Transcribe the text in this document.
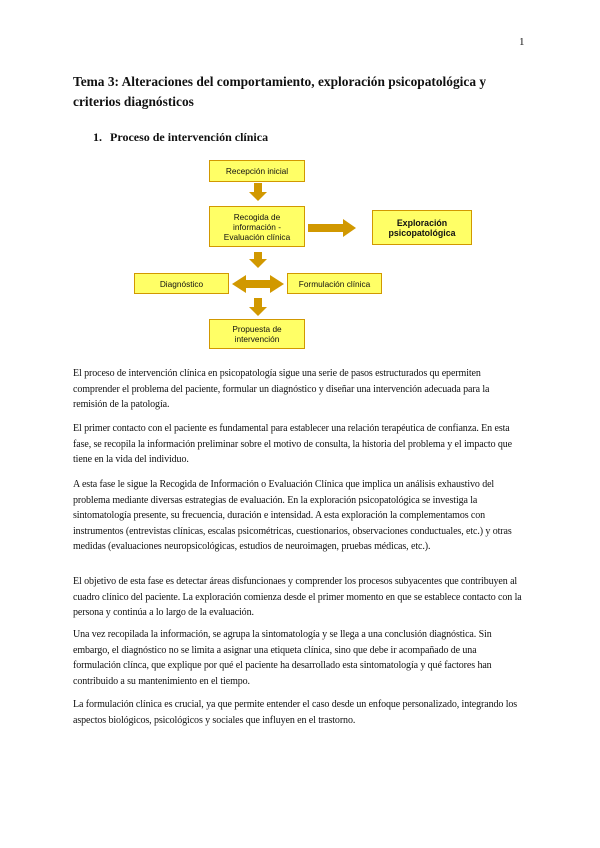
1
Tema 3: Alteraciones del comportamiento, exploración psicopatológica y criterios diagnósticos
1. Proceso de intervención clínica
Recepción inicial
Recogida de
información -
Evaluación clínica
Exploración
psicopatológica
Diagnóstico	Formulación clínica
Propuesta de
intervención

El proceso de intervención clínica en psicopatología sigue una serie de pasos estructurados qu epermiten comprender el problema del paciente, formular un diagnóstico y diseñar una intervención adecuada para la remisión de la patología.

El primer contacto con el paciente es fundamental para establecer una relación terapéutica de confianza. En esta fase, se recopila la información preliminar sobre el motivo de consulta, la historia del problema y el impacto que tiene en la vida del individuo.

A esta fase le sigue la Recogida de Información o Evaluación Clínica que implica un análisis exhaustivo del problema mediante diversas estrategias de evaluación. En la exploración psicopatológica se investiga la sintomatología presente, su frecuencia, duración e intensidad. A esta exploración la complementamos con instrumentos (entrevistas clínicas, escalas psicométricas, cuestionarios, observaciones conductuales, etc.) y otras medidas (evaluaciones neuropsicológicas, estudios de neuroimagen, pruebas médicas, etc.).

El objetivo de esta fase es detectar áreas disfuncionaes y comprender los procesos subyacentes que contribuyen al cuadro clínico del paciente. La exploración comienza desde el primer momento en que se establece contacto con la persona y continúa a lo largo de la evaluación.

Una vez recopilada la información, se agrupa la sintomatología y se llega a una conclusión diagnóstica. Sin embargo, el diagnóstico no se limita a asignar una etiqueta clínica, sino que debe ir acompañado de una formulación clínca, que explique por qué el paciente ha desarrollado esta sintomatología y qué factores han contribuido a su mantenimiento en el tiempo.

La formulación clínica es crucial, ya que permite entender el caso desde un enfoque personalizado, integrando los aspectos biológicos, psicológicos y sociales que influyen en el trastorno.
